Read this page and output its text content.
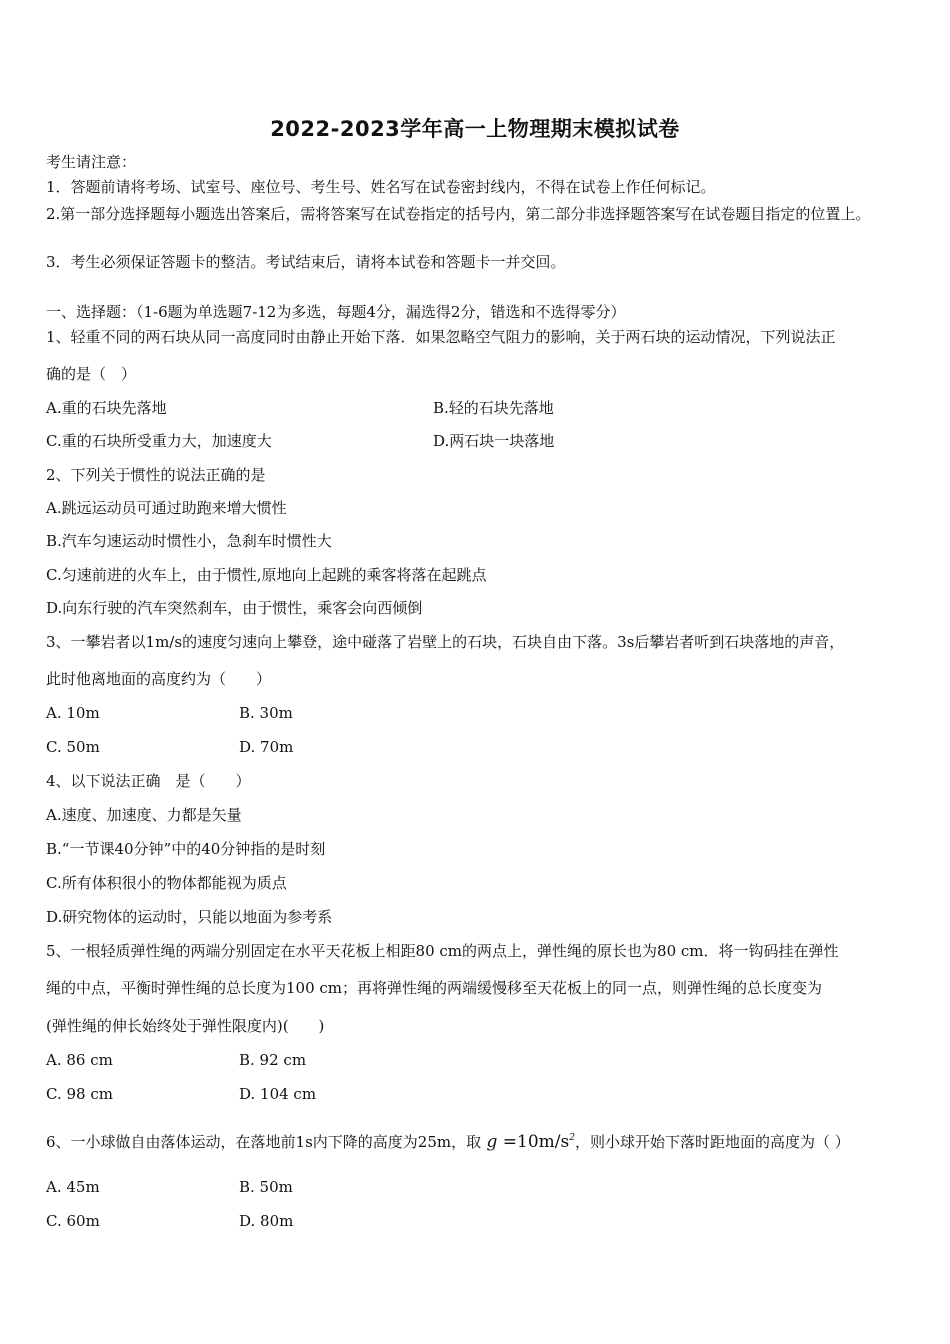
2022-2023学年高一上物理期末模拟试卷
考生请注意：
1．答题前请将考场、试室号、座位号、考生号、姓名写在试卷密封线内，不得在试卷上作任何标记。
2.第一部分选择题每小题选出答案后，需将答案写在试卷指定的括号内，第二部分非选择题答案写在试卷题目指定的位置上。
3．考生必须保证答题卡的整洁。考试结束后，请将本试卷和答题卡一并交回。
一、选择题：（1-6题为单选题7-12为多选，每题4分，漏选得2分，错选和不选得零分）
1、轻重不同的两石块从同一高度同时由静止开始下落．如果忽略空气阻力的影响，关于两石块的运动情况，下列说法正
确的是（　）
A.重的石块先落地	B.轻的石块先落地
C.重的石块所受重力大，加速度大	D.两石块一块落地
2、下列关于惯性的说法正确的是
A.跳远运动员可通过助跑来增大惯性
B.汽车匀速运动时惯性小，急刹车时惯性大
C.匀速前进的火车上，由于惯性,原地向上起跳的乘客将落在起跳点
D.向东行驶的汽车突然刹车，由于惯性，乘客会向西倾倒
3、一攀岩者以1m/s的速度匀速向上攀登，途中碰落了岩壁上的石块，石块自由下落。3s后攀岩者听到石块落地的声音，
此时他离地面的高度约为（　　）
A. 10m	B. 30m
C. 50m	D. 70m
4、以下说法正确　是（　　）
A.速度、加速度、力都是矢量
B.“一节课40分钟”中的40分钟指的是时刻
C.所有体积很小的物体都能视为质点
D.研究物体的运动时，只能以地面为参考系
5、一根轻质弹性绳的两端分别固定在水平天花板上相距80 cm的两点上，弹性绳的原长也为80 cm．将一钩码挂在弹性
绳的中点，平衡时弹性绳的总长度为100 cm；再将弹性绳的两端缓慢移至天花板上的同一点，则弹性绳的总长度变为
(弹性绳的伸长始终处于弹性限度内)(　　)
A. 86 cm	B. 92 cm
C. 98 cm	D. 104 cm
6、一小球做自由落体运动，在落地前1s内下降的高度为25m，取 $g =10m/s^2$，则小球开始下落时距地面的高度为（ ）
A. 45m	B. 50m
C. 60m	D. 80m
